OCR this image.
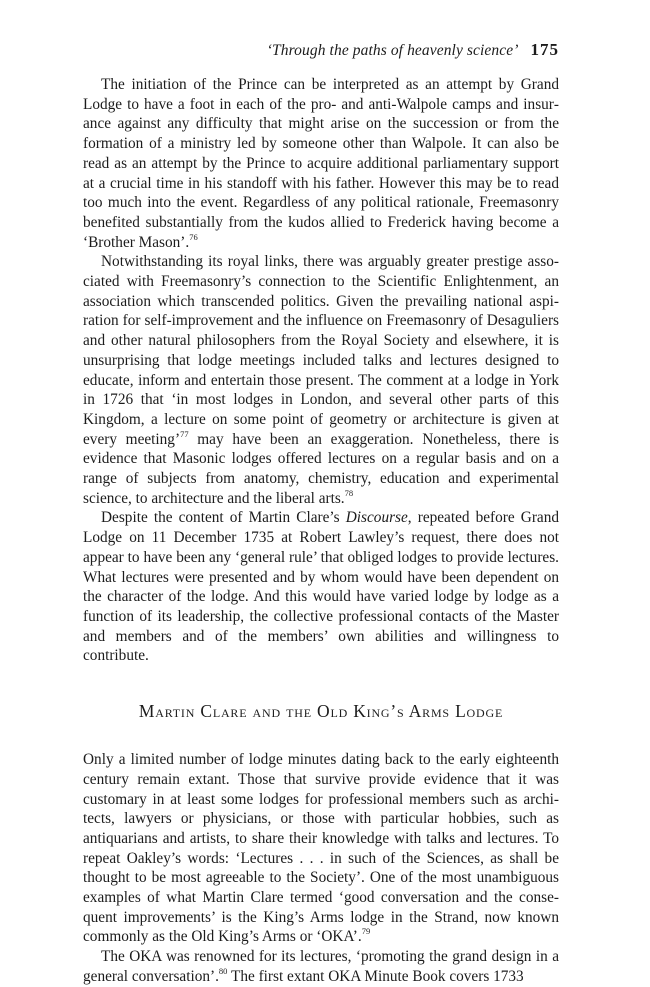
‘Through the paths of heavenly science’ 175

The initiation of the Prince can be interpreted as an attempt by Grand Lodge to have a foot in each of the pro- and anti-Walpole camps and insurance against any difficulty that might arise on the succession or from the formation of a ministry led by someone other than Walpole. It can also be read as an attempt by the Prince to acquire additional parliamentary support at a crucial time in his standoff with his father. However this may be to read too much into the event. Regardless of any political rationale, Freemasonry benefited substantially from the kudos allied to Frederick having become a ‘Brother Mason’.$^{76}$

Notwithstanding its royal links, there was arguably greater prestige associated with Freemasonry’s connection to the Scientific Enlightenment, an association which transcended politics. Given the prevailing national aspiration for self-improvement and the influence on Freemasonry of Desaguliers and other natural philosophers from the Royal Society and elsewhere, it is unsurprising that lodge meetings included talks and lectures designed to educate, inform and entertain those present. The comment at a lodge in York in 1726 that ‘in most lodges in London, and several other parts of this Kingdom, a lecture on some point of geometry or architecture is given at every meeting’$^{77}$ may have been an exaggeration. Nonetheless, there is evidence that Masonic lodges offered lectures on a regular basis and on a range of subjects from anatomy, chemistry, education and experimental science, to architecture and the liberal arts.$^{78}$

Despite the content of Martin Clare’s Discourse, repeated before Grand Lodge on 11 December 1735 at Robert Lawley’s request, there does not appear to have been any ‘general rule’ that obliged lodges to provide lectures. What lectures were presented and by whom would have been dependent on the character of the lodge. And this would have varied lodge by lodge as a function of its leadership, the collective professional contacts of the Master and members and of the members’ own abilities and willingness to contribute.

Martin Clare and the Old King’s Arms Lodge

Only a limited number of lodge minutes dating back to the early eighteenth century remain extant. Those that survive provide evidence that it was customary in at least some lodges for professional members such as architects, lawyers or physicians, or those with particular hobbies, such as antiquarians and artists, to share their knowledge with talks and lectures. To repeat Oakley’s words: ‘Lectures . . . in such of the Sciences, as shall be thought to be most agreeable to the Society’. One of the most unambiguous examples of what Martin Clare termed ‘good conversation and the consequent improvements’ is the King’s Arms lodge in the Strand, now known commonly as the Old King’s Arms or ‘OKA’.$^{79}$

The OKA was renowned for its lectures, ‘promoting the grand design in a general conversation’.$^{80}$ The first extant OKA Minute Book covers 1733
